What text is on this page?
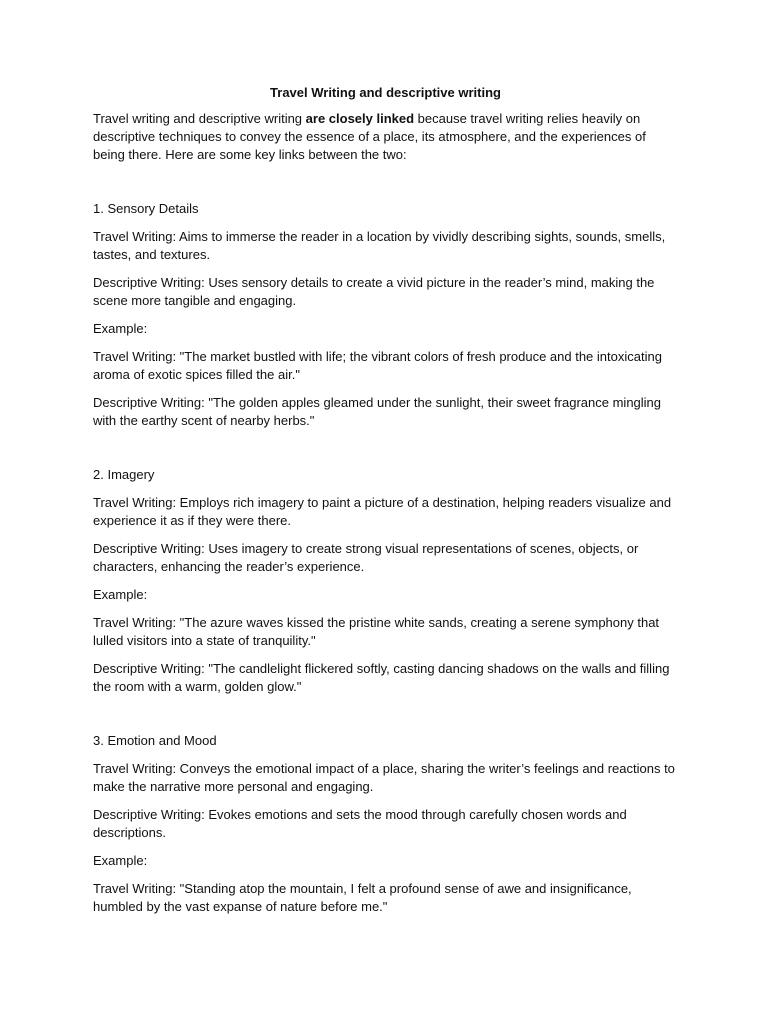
Travel Writing and descriptive writing

Travel writing and descriptive writing are closely linked because travel writing relies heavily on descriptive techniques to convey the essence of a place, its atmosphere, and the experiences of being there. Here are some key links between the two:

1. Sensory Details

Travel Writing: Aims to immerse the reader in a location by vividly describing sights, sounds, smells, tastes, and textures.

Descriptive Writing: Uses sensory details to create a vivid picture in the reader’s mind, making the scene more tangible and engaging.

Example:

Travel Writing: "The market bustled with life; the vibrant colors of fresh produce and the intoxicating aroma of exotic spices filled the air."

Descriptive Writing: "The golden apples gleamed under the sunlight, their sweet fragrance mingling with the earthy scent of nearby herbs."

2. Imagery

Travel Writing: Employs rich imagery to paint a picture of a destination, helping readers visualize and experience it as if they were there.

Descriptive Writing: Uses imagery to create strong visual representations of scenes, objects, or characters, enhancing the reader’s experience.

Example:

Travel Writing: "The azure waves kissed the pristine white sands, creating a serene symphony that lulled visitors into a state of tranquility."

Descriptive Writing: "The candlelight flickered softly, casting dancing shadows on the walls and filling the room with a warm, golden glow."

3. Emotion and Mood

Travel Writing: Conveys the emotional impact of a place, sharing the writer’s feelings and reactions to make the narrative more personal and engaging.

Descriptive Writing: Evokes emotions and sets the mood through carefully chosen words and descriptions.

Example:

Travel Writing: "Standing atop the mountain, I felt a profound sense of awe and insignificance, humbled by the vast expanse of nature before me."
